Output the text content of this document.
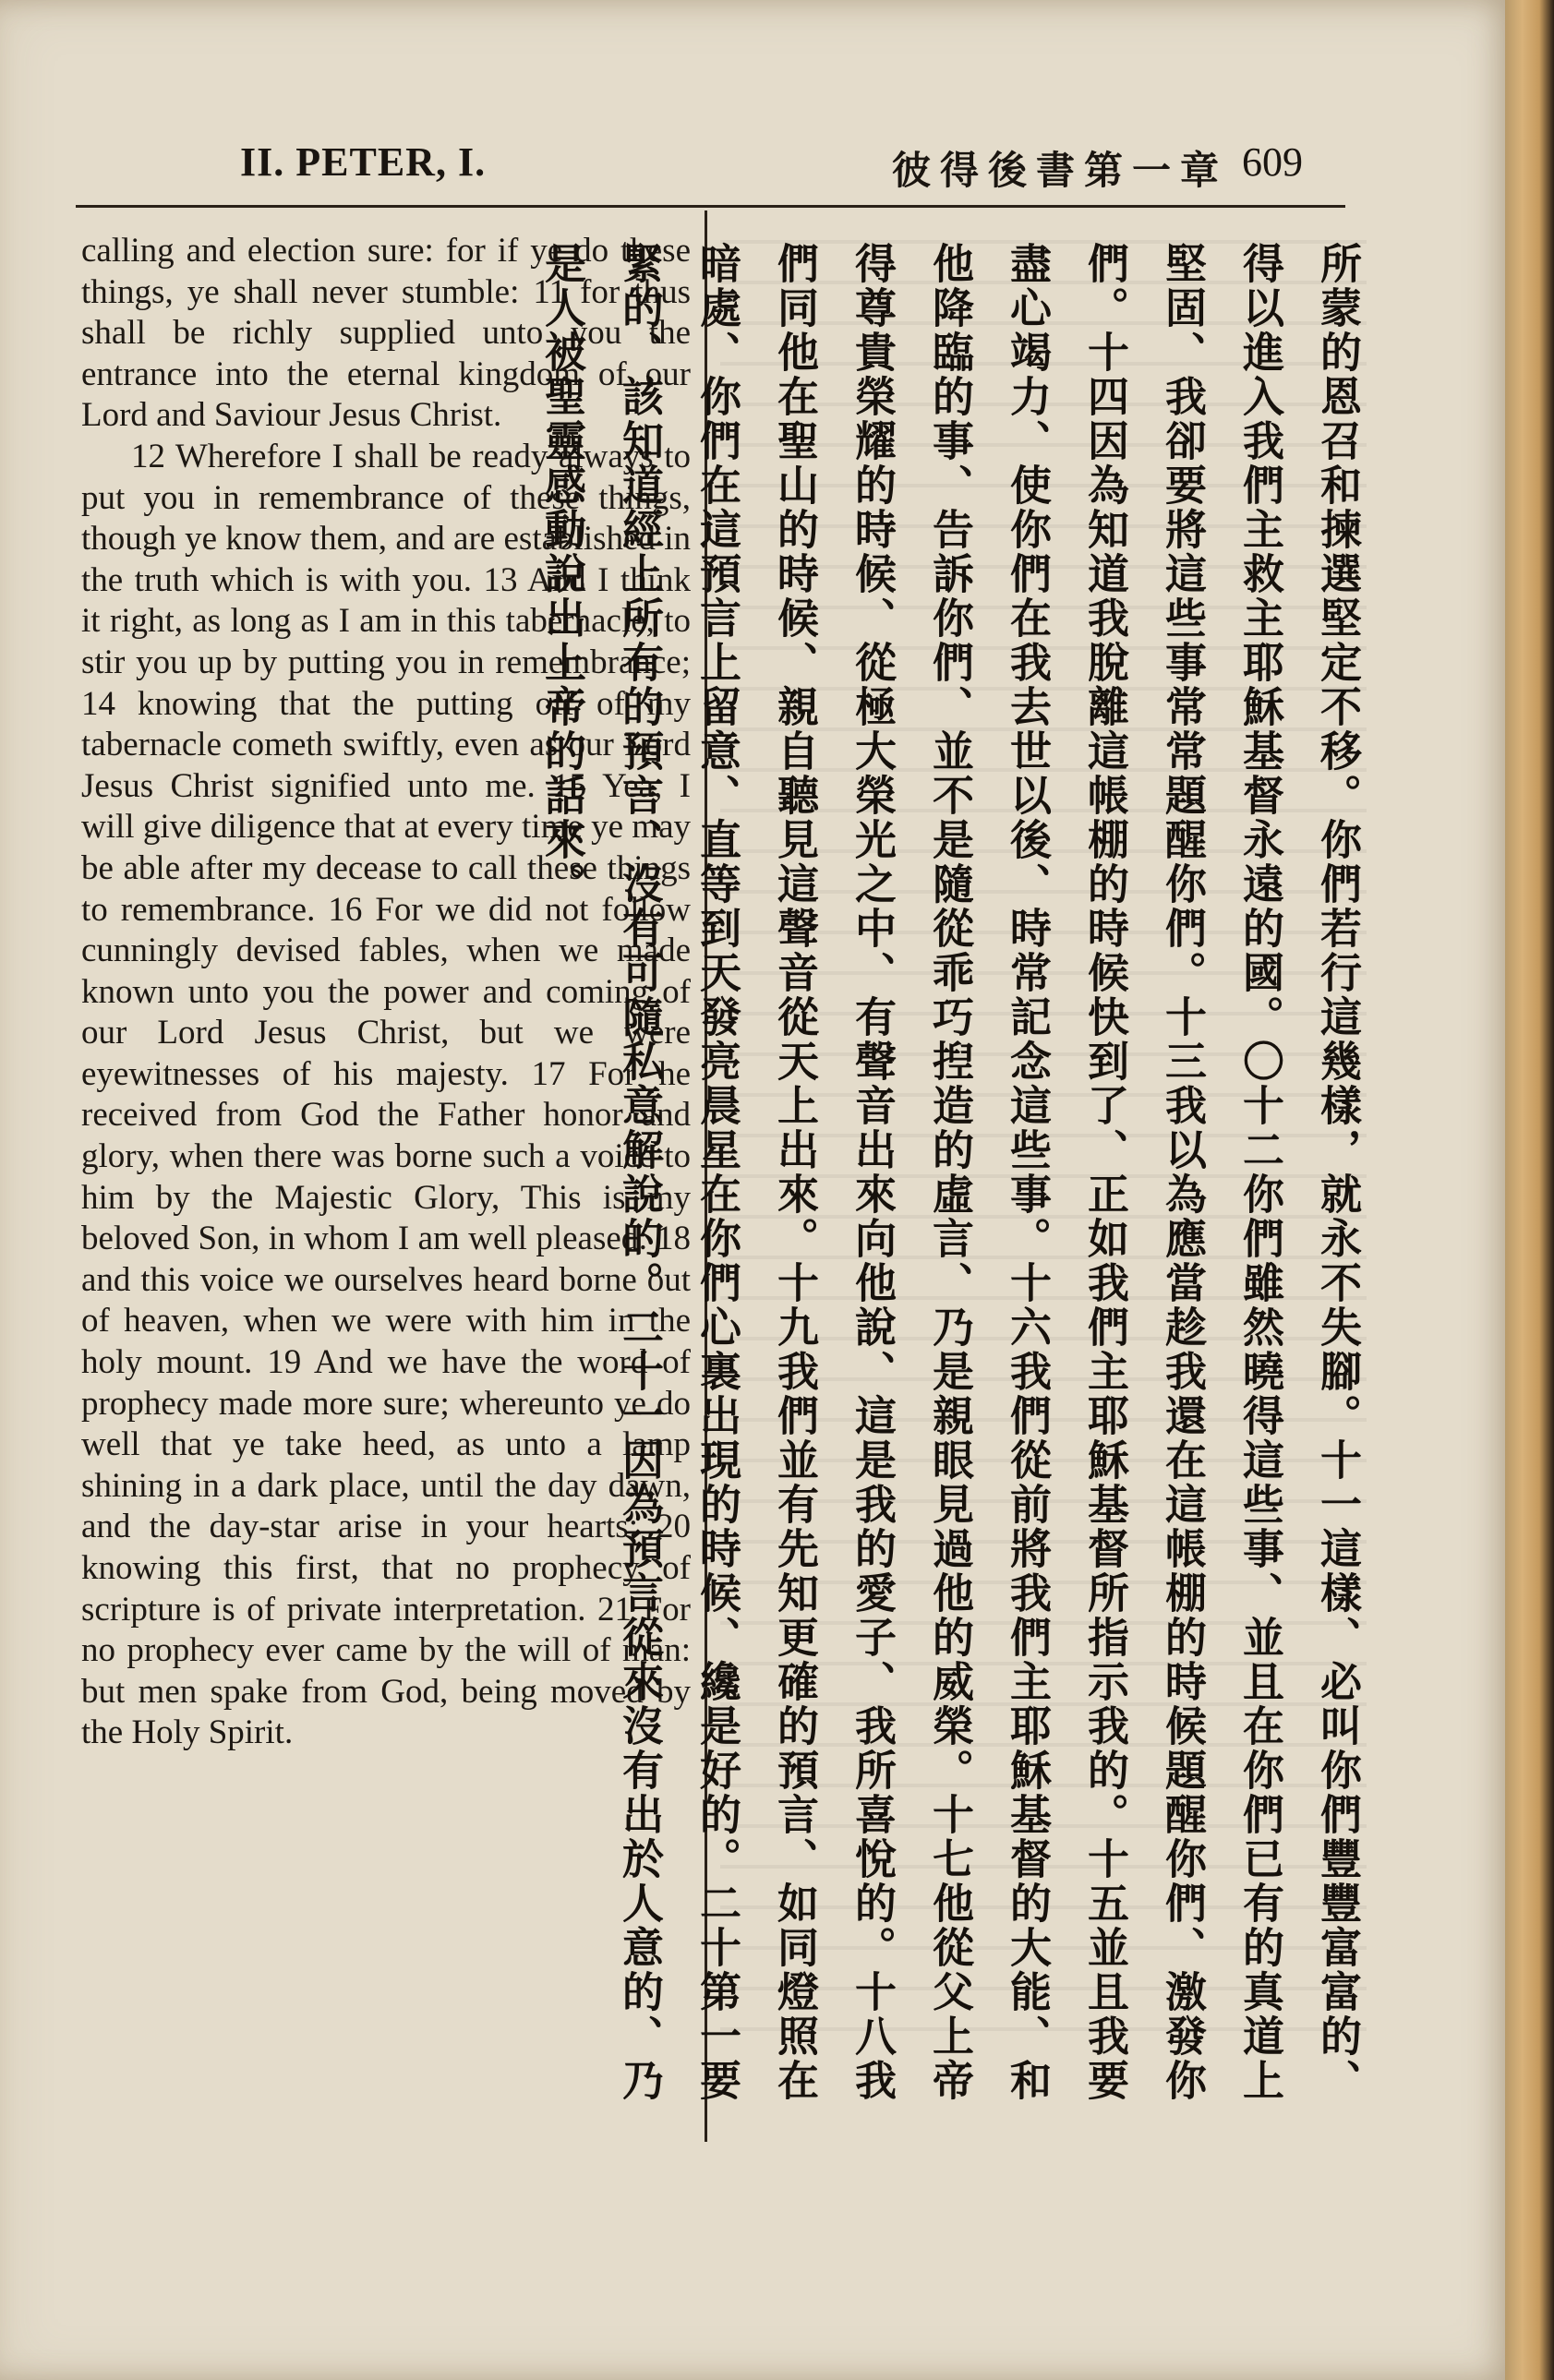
II. PETER, I.	彼得後書第一章 609

calling and election sure: for if ye do these things, ye shall never stumble: 11 for thus shall be richly supplied unto you the entrance into the eternal kingdom of our Lord and Saviour Jesus Christ.

12 Wherefore I shall be ready always to put you in remembrance of these things, though ye know them, and are established in the truth which is with you. 13 And I think it right, as long as I am in this tabernacle, to stir you up by putting you in remembrance; 14 knowing that the putting off of my tabernacle cometh swiftly, even as our Lord Jesus Christ signified unto me. 15 Yea, I will give diligence that at every time ye may be able after my decease to call these things to remembrance. 16 For we did not follow cunningly devised fables, when we made known unto you the power and coming of our Lord Jesus Christ, but we were eyewitnesses of his majesty. 17 For he received from God the Father honor and glory, when there was borne such a voice to him by the Majestic Glory, This is my beloved Son, in whom I am well pleased: 18 and this voice we ourselves heard borne out of heaven, when we were with him in the holy mount. 19 And we have the word of prophecy made more sure; whereunto ye do well that ye take heed, as unto a lamp shining in a dark place, until the day dawn, and the day-star arise in your hearts: 20 knowing this first, that no prophecy of scripture is of private interpretation. 21 For no prophecy ever came by the will of man: but men spake from God, being moved by the Holy Spirit.	所蒙的恩召和揀選堅定不移。你們若行這幾樣，就永不失腳。十一這樣、必叫你們豐豐富富的、得以進入我們主救主耶穌基督永遠的國。〇十二你們雖然曉得這些事、並且在你們已有的真道上堅固、我卻要將這些事常常題醒你們。十三我以為應當趁我還在這帳棚的時候題醒你們、激發你們。十四因為知道我脫離這帳棚的時候快到了、正如我們主耶穌基督所指示我的。十五並且我要盡心竭力、使你們在我去世以後、時常記念這些事。十六我們從前將我們主耶穌基督的大能、和他降臨的事、告訴你們、並不是隨從乖巧揑造的虛言、乃是親眼見過他的威榮。十七他從父上帝得尊貴榮耀的時候、從極大榮光之中、有聲音出來向他說、這是我的愛子、我所喜悅的。十八我們同他在聖山的時候、親自聽見這聲音從天上出來。十九我們並有先知更確的預言、如同燈照在暗處、你們在這預言上留意、直等到天發亮晨星在你們心裏出現的時候、纔是好的。二十第一要緊的、該知道經上所有的預言、沒有可隨私意解說的。二十一因為預言從來沒有出於人意的、乃是人被聖靈感動說出上帝的話來。
